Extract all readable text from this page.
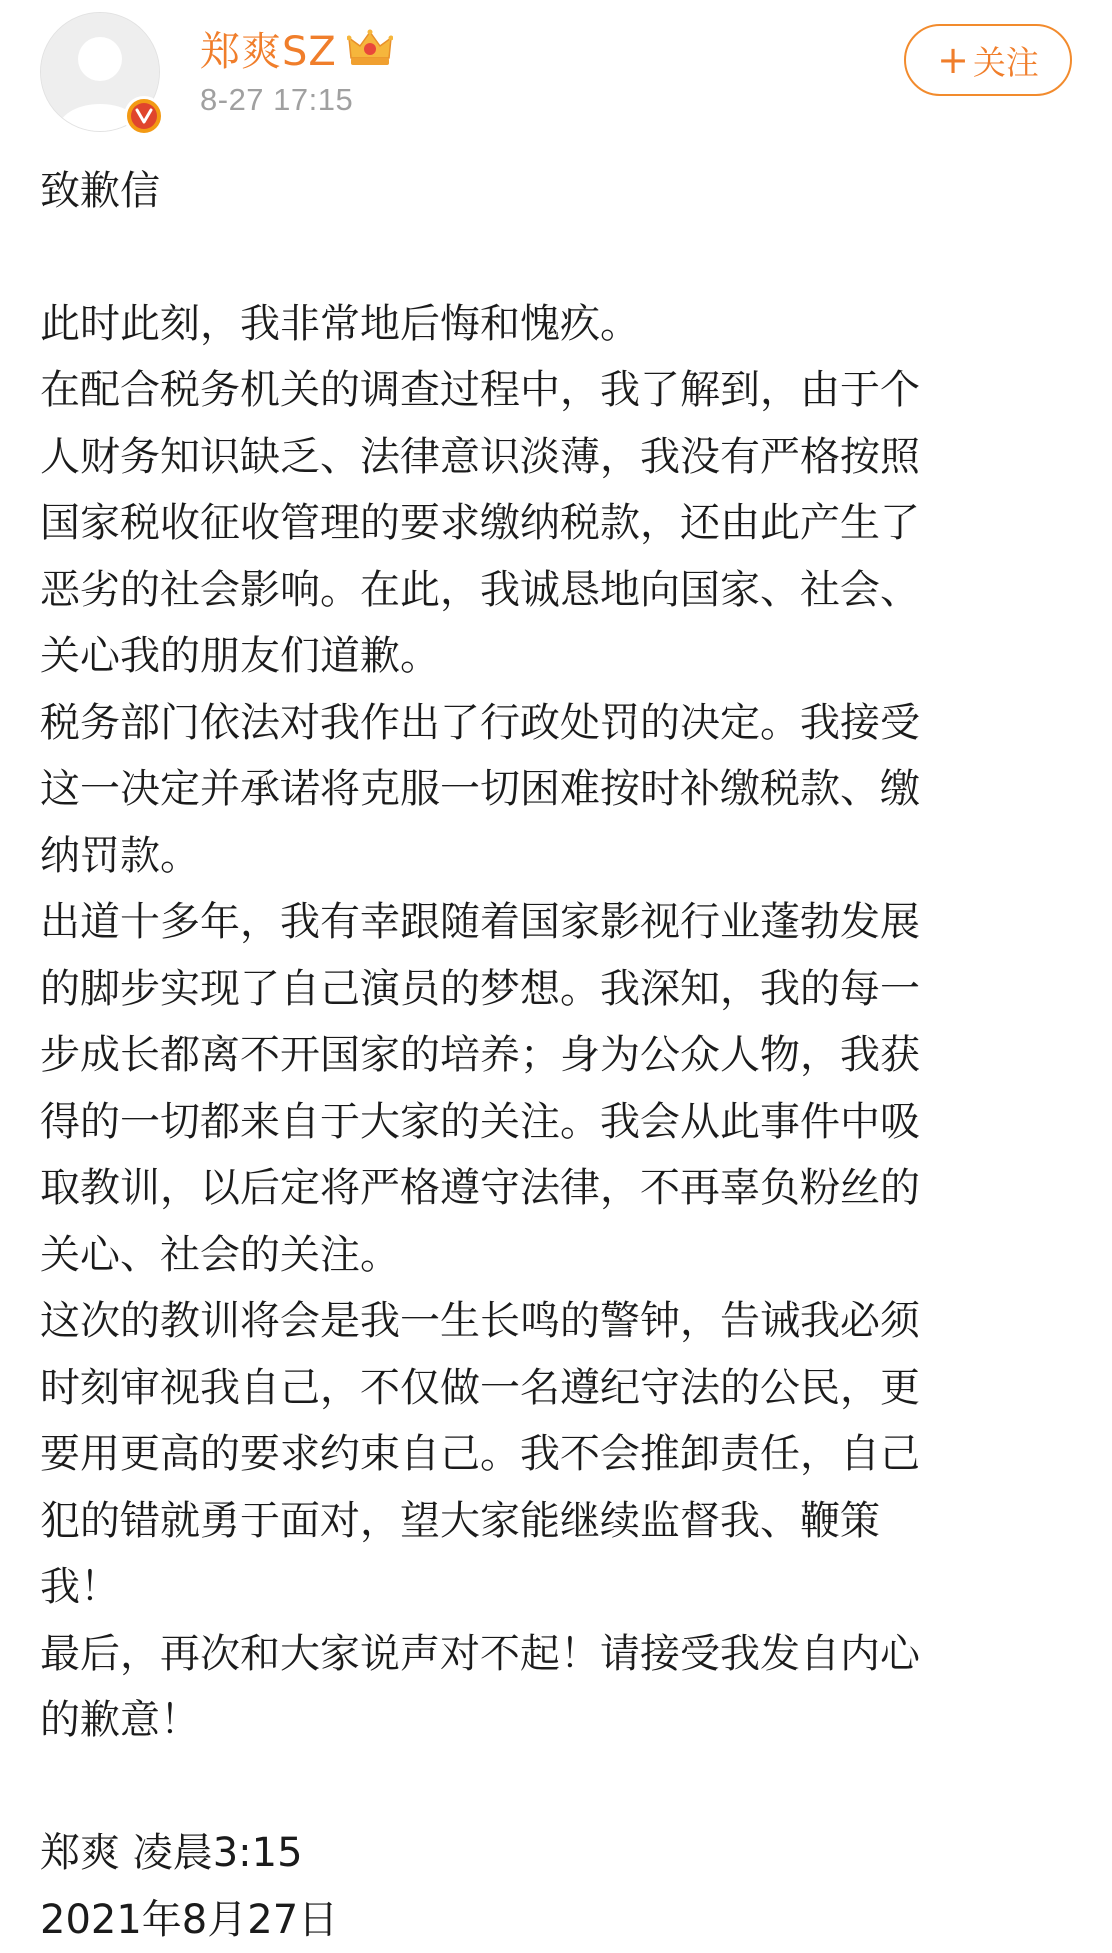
郑爽SZ
8-27 17:15
+ 关注
致歉信
此时此刻，我非常地后悔和愧疚。
在配合税务机关的调查过程中，我了解到，由于个
人财务知识缺乏、法律意识淡薄，我没有严格按照
国家税收征收管理的要求缴纳税款，还由此产生了
恶劣的社会影响。在此，我诚恳地向国家、社会、
关心我的朋友们道歉。
税务部门依法对我作出了行政处罚的决定。我接受
这一决定并承诺将克服一切困难按时补缴税款、缴
纳罚款。
出道十多年，我有幸跟随着国家影视行业蓬勃发展
的脚步实现了自己演员的梦想。我深知，我的每一
步成长都离不开国家的培养；身为公众人物，我获
得的一切都来自于大家的关注。我会从此事件中吸
取教训，以后定将严格遵守法律，不再辜负粉丝的
关心、社会的关注。
这次的教训将会是我一生长鸣的警钟，告诫我必须
时刻审视我自己，不仅做一名遵纪守法的公民，更
要用更高的要求约束自己。我不会推卸责任，自己
犯的错就勇于面对，望大家能继续监督我、鞭策
我！
最后，再次和大家说声对不起！请接受我发自内心
的歉意！
郑爽 凌晨3:15
2021年8月27日
